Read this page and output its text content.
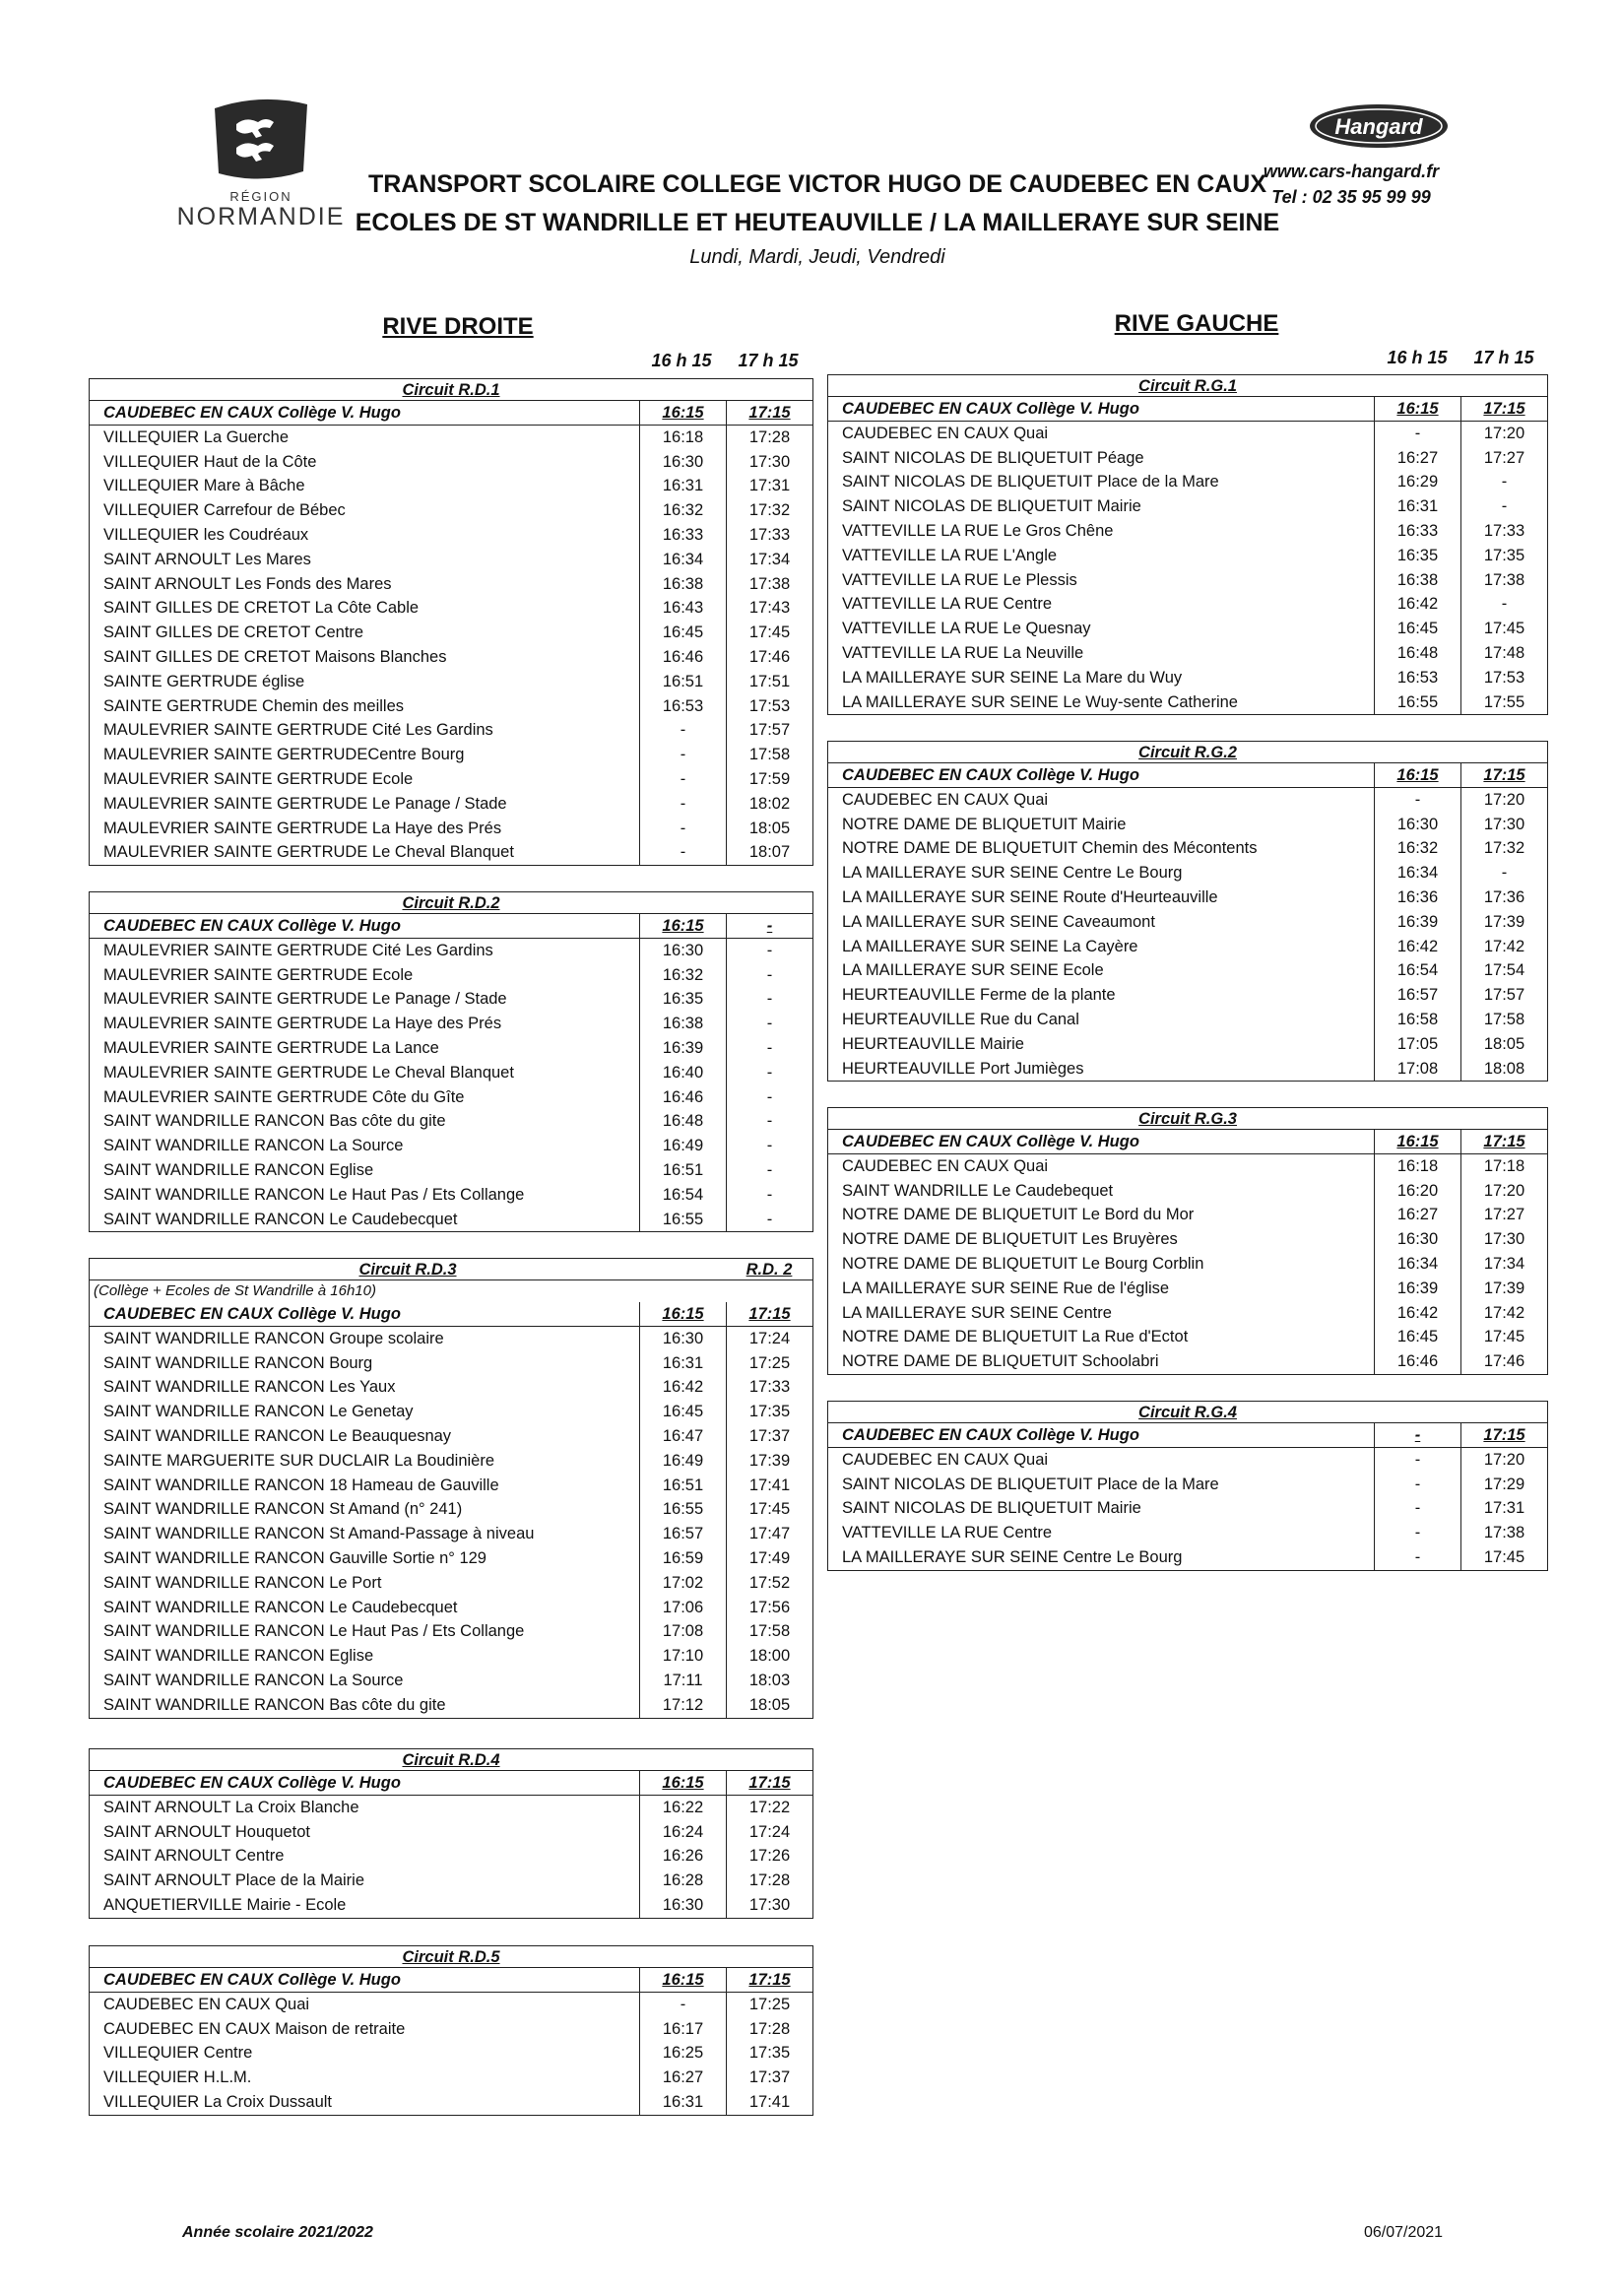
RÉGION
NORMANDIE
Hangard
www.cars-hangard.fr
Tel : 02 35 95 99 99
TRANSPORT SCOLAIRE COLLEGE VICTOR HUGO DE CAUDEBEC EN CAUX
ECOLES DE ST WANDRILLE ET HEUTEAUVILLE / LA MAILLERAYE SUR SEINE
Lundi, Mardi, Jeudi, Vendredi
RIVE DROITE	RIVE GAUCHE
16 h 15	17 h 15	16 h 15	17 h 15
Circuit R.D.1
CAUDEBEC EN CAUX Collège V. Hugo	16:15	17:15
VILLEQUIER La Guerche	16:18	17:28
VILLEQUIER Haut de la Côte	16:30	17:30
VILLEQUIER Mare à Bâche	16:31	17:31
VILLEQUIER Carrefour de Bébec	16:32	17:32
VILLEQUIER les Coudréaux	16:33	17:33
SAINT ARNOULT Les Mares	16:34	17:34
SAINT ARNOULT Les Fonds des Mares	16:38	17:38
SAINT GILLES DE CRETOT La Côte Cable	16:43	17:43
SAINT GILLES DE CRETOT Centre	16:45	17:45
SAINT GILLES DE CRETOT Maisons Blanches	16:46	17:46
SAINTE GERTRUDE église	16:51	17:51
SAINTE GERTRUDE Chemin des meilles	16:53	17:53
MAULEVRIER SAINTE GERTRUDE Cité Les Gardins	-	17:57
MAULEVRIER SAINTE GERTRUDECentre Bourg	-	17:58
MAULEVRIER SAINTE GERTRUDE Ecole	-	17:59
MAULEVRIER SAINTE GERTRUDE Le Panage / Stade	-	18:02
MAULEVRIER SAINTE GERTRUDE La Haye des Prés	-	18:05
MAULEVRIER SAINTE GERTRUDE Le Cheval Blanquet	-	18:07
Circuit R.D.2
CAUDEBEC EN CAUX Collège V. Hugo	16:15	-
MAULEVRIER SAINTE GERTRUDE Cité Les Gardins	16:30	-
MAULEVRIER SAINTE GERTRUDE Ecole	16:32	-
MAULEVRIER SAINTE GERTRUDE Le Panage / Stade	16:35	-
MAULEVRIER SAINTE GERTRUDE La Haye des Prés	16:38	-
MAULEVRIER SAINTE GERTRUDE La Lance	16:39	-
MAULEVRIER SAINTE GERTRUDE Le Cheval Blanquet	16:40	-
MAULEVRIER SAINTE GERTRUDE Côte du Gîte	16:46	-
SAINT WANDRILLE RANCON Bas côte du gite	16:48	-
SAINT WANDRILLE RANCON La Source	16:49	-
SAINT WANDRILLE RANCON Eglise	16:51	-
SAINT WANDRILLE RANCON Le Haut Pas / Ets Collange	16:54	-
SAINT WANDRILLE RANCON Le Caudebecquet	16:55	-
Circuit R.D.3	R.D. 2
(Collège + Ecoles de St Wandrille à 16h10)
CAUDEBEC EN CAUX Collège V. Hugo	16:15	17:15
SAINT WANDRILLE RANCON Groupe scolaire	16:30	17:24
SAINT WANDRILLE RANCON Bourg	16:31	17:25
SAINT WANDRILLE RANCON Les Yaux	16:42	17:33
SAINT WANDRILLE RANCON Le Genetay	16:45	17:35
SAINT WANDRILLE RANCON Le Beauquesnay	16:47	17:37
SAINTE MARGUERITE SUR DUCLAIR La Boudinière	16:49	17:39
SAINT WANDRILLE RANCON 18 Hameau de Gauville	16:51	17:41
SAINT WANDRILLE RANCON St Amand (n° 241)	16:55	17:45
SAINT WANDRILLE RANCON St Amand-Passage à niveau	16:57	17:47
SAINT WANDRILLE RANCON Gauville Sortie n° 129	16:59	17:49
SAINT WANDRILLE RANCON Le Port	17:02	17:52
SAINT WANDRILLE RANCON Le Caudebecquet	17:06	17:56
SAINT WANDRILLE RANCON Le Haut Pas / Ets Collange	17:08	17:58
SAINT WANDRILLE RANCON Eglise	17:10	18:00
SAINT WANDRILLE RANCON La Source	17:11	18:03
SAINT WANDRILLE RANCON Bas côte du gite	17:12	18:05
Circuit R.D.4
CAUDEBEC EN CAUX Collège V. Hugo	16:15	17:15
SAINT ARNOULT La Croix Blanche	16:22	17:22
SAINT ARNOULT Houquetot	16:24	17:24
SAINT ARNOULT Centre	16:26	17:26
SAINT ARNOULT Place de la Mairie	16:28	17:28
ANQUETIERVILLE Mairie - Ecole	16:30	17:30
Circuit R.D.5
CAUDEBEC EN CAUX Collège V. Hugo	16:15	17:15
CAUDEBEC EN CAUX Quai	-	17:25
CAUDEBEC EN CAUX Maison de retraite	16:17	17:28
VILLEQUIER Centre	16:25	17:35
VILLEQUIER H.L.M.	16:27	17:37
VILLEQUIER La Croix Dussault	16:31	17:41
Circuit R.G.1
CAUDEBEC EN CAUX Collège V. Hugo	16:15	17:15
CAUDEBEC EN CAUX Quai	-	17:20
SAINT NICOLAS DE BLIQUETUIT Péage	16:27	17:27
SAINT NICOLAS DE BLIQUETUIT Place de la Mare	16:29	-
SAINT NICOLAS DE BLIQUETUIT Mairie	16:31	-
VATTEVILLE LA RUE Le Gros Chêne	16:33	17:33
VATTEVILLE LA RUE L'Angle	16:35	17:35
VATTEVILLE LA RUE Le Plessis	16:38	17:38
VATTEVILLE LA RUE Centre	16:42	-
VATTEVILLE LA RUE Le Quesnay	16:45	17:45
VATTEVILLE LA RUE La Neuville	16:48	17:48
LA MAILLERAYE SUR SEINE La Mare du Wuy	16:53	17:53
LA MAILLERAYE SUR SEINE Le Wuy-sente Catherine	16:55	17:55
Circuit R.G.2
CAUDEBEC EN CAUX Collège V. Hugo	16:15	17:15
CAUDEBEC EN CAUX Quai	-	17:20
NOTRE DAME DE BLIQUETUIT Mairie	16:30	17:30
NOTRE DAME DE BLIQUETUIT Chemin des Mécontents	16:32	17:32
LA MAILLERAYE SUR SEINE Centre Le Bourg	16:34	-
LA MAILLERAYE SUR SEINE Route d'Heurteauville	16:36	17:36
LA MAILLERAYE SUR SEINE Caveaumont	16:39	17:39
LA MAILLERAYE SUR SEINE La Cayère	16:42	17:42
LA MAILLERAYE SUR SEINE Ecole	16:54	17:54
HEURTEAUVILLE Ferme de la plante	16:57	17:57
HEURTEAUVILLE Rue du Canal	16:58	17:58
HEURTEAUVILLE Mairie	17:05	18:05
HEURTEAUVILLE Port Jumièges	17:08	18:08
Circuit R.G.3
CAUDEBEC EN CAUX Collège V. Hugo	16:15	17:15
CAUDEBEC EN CAUX Quai	16:18	17:18
SAINT WANDRILLE Le Caudebequet	16:20	17:20
NOTRE DAME DE BLIQUETUIT Le Bord du Mor	16:27	17:27
NOTRE DAME DE BLIQUETUIT Les Bruyères	16:30	17:30
NOTRE DAME DE BLIQUETUIT Le Bourg Corblin	16:34	17:34
LA MAILLERAYE SUR SEINE Rue de l'église	16:39	17:39
LA MAILLERAYE SUR SEINE Centre	16:42	17:42
NOTRE DAME DE BLIQUETUIT La Rue d'Ectot	16:45	17:45
NOTRE DAME DE BLIQUETUIT Schoolabri	16:46	17:46
Circuit R.G.4
CAUDEBEC EN CAUX Collège V. Hugo	-	17:15
CAUDEBEC EN CAUX Quai	-	17:20
SAINT NICOLAS DE BLIQUETUIT Place de la Mare	-	17:29
SAINT NICOLAS DE BLIQUETUIT Mairie	-	17:31
VATTEVILLE LA RUE Centre	-	17:38
LA MAILLERAYE SUR SEINE Centre Le Bourg	-	17:45
Année scolaire 2021/2022	06/07/2021
